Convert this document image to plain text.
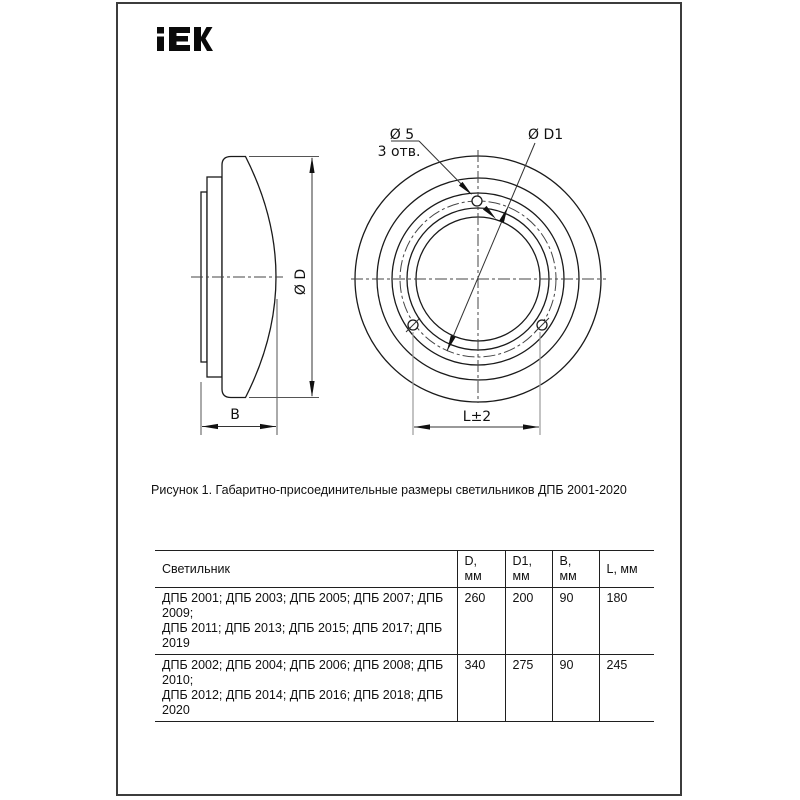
Ø D
B
Ø 5
3 отв.
Ø D1
L±2
Рисунок 1. Габаритно-присоединительные размеры светильников ДПБ 2001-2020
Светильник	D, мм	D1, мм	B, мм	L, мм

ДПБ 2001; ДПБ 2003; ДПБ 2005; ДПБ 2007; ДПБ 2009;
ДПБ 2011; ДПБ 2013; ДПБ 2015; ДПБ 2017; ДПБ 2019	260	200	90	180

ДПБ 2002; ДПБ 2004; ДПБ 2006; ДПБ 2008; ДПБ 2010;
ДПБ 2012; ДПБ 2014; ДПБ 2016; ДПБ 2018; ДПБ 2020	340	275	90	245
